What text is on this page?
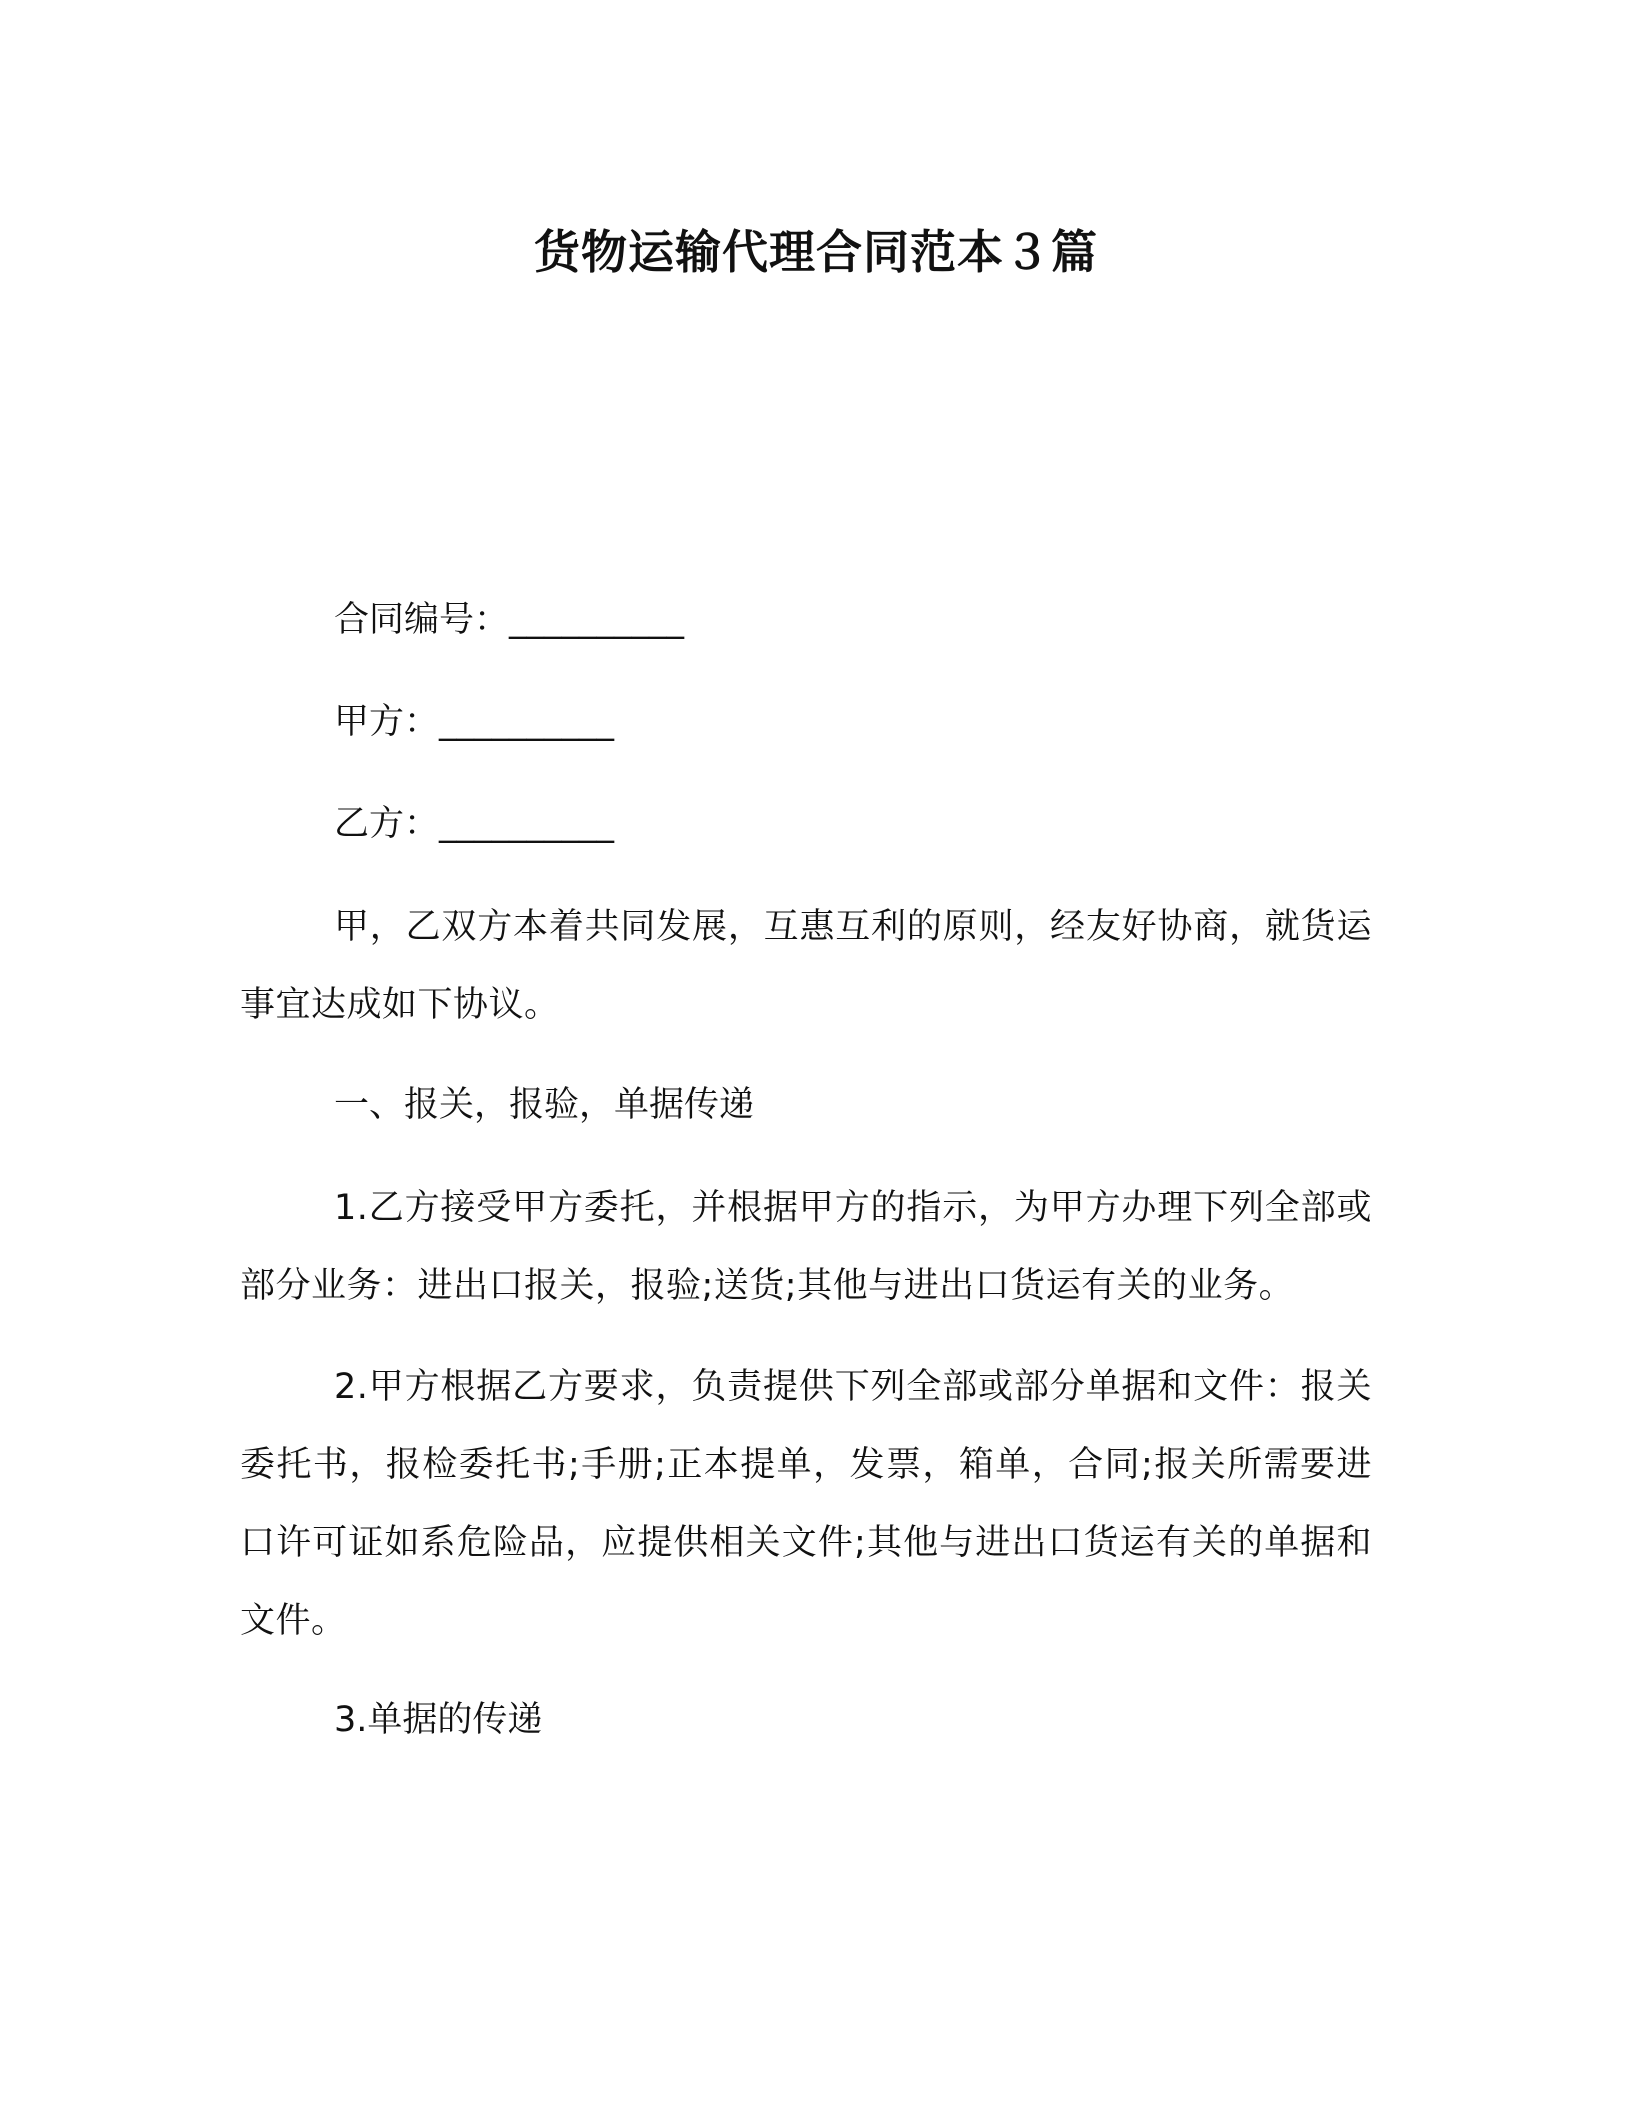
货物运输代理合同范本３篇
合同编号：__________
甲方：__________
乙方：__________

甲，乙双方本着共同发展，互惠互利的原则，经友好协商，就货运事宜达成如下协议。

一、报关，报验，单据传递

1.乙方接受甲方委托，并根据甲方的指示，为甲方办理下列全部或部分业务：进出口报关，报验;送货;其他与进出口货运有关的业务。

2.甲方根据乙方要求，负责提供下列全部或部分单据和文件：报关委托书，报检委托书;手册;正本提单，发票，箱单，合同;报关所需要进口许可证如系危险品，应提供相关文件;其他与进出口货运有关的单据和文件。

3.单据的传递
